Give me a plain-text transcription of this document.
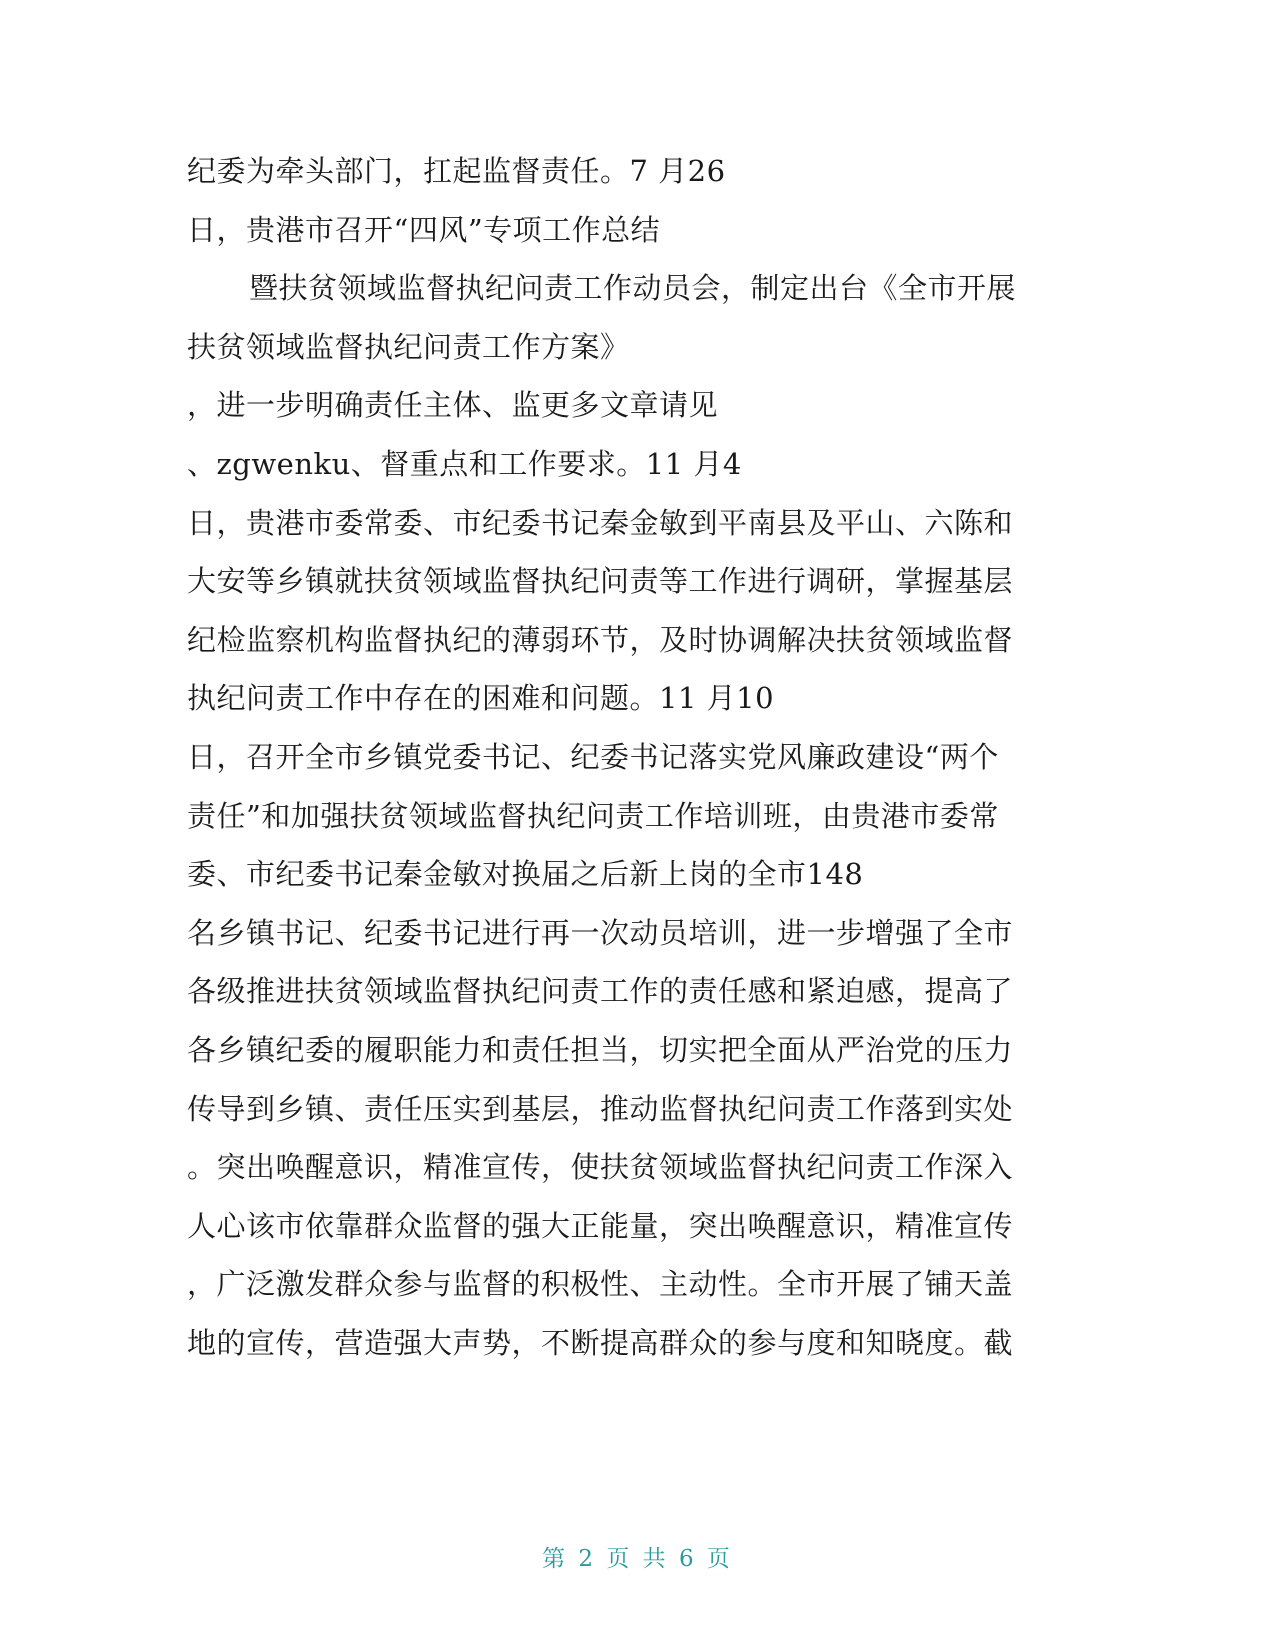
纪委为牵头部门，扛起监督责任。7 月26
日，贵港市召开“四风”专项工作总结
暨扶贫领域监督执纪问责工作动员会，制定出台《全市开展
扶贫领域监督执纪问责工作方案》
，进一步明确责任主体、监更多文章请见
、zgwenku、督重点和工作要求。11 月4
日，贵港市委常委、市纪委书记秦金敏到平南县及平山、六陈和
大安等乡镇就扶贫领域监督执纪问责等工作进行调研，掌握基层
纪检监察机构监督执纪的薄弱环节，及时协调解决扶贫领域监督
执纪问责工作中存在的困难和问题。11 月10
日，召开全市乡镇党委书记、纪委书记落实党风廉政建设“两个
责任”和加强扶贫领域监督执纪问责工作培训班，由贵港市委常
委、市纪委书记秦金敏对换届之后新上岗的全市148
名乡镇书记、纪委书记进行再一次动员培训，进一步增强了全市
各级推进扶贫领域监督执纪问责工作的责任感和紧迫感，提高了
各乡镇纪委的履职能力和责任担当，切实把全面从严治党的压力
传导到乡镇、责任压实到基层，推动监督执纪问责工作落到实处
。突出唤醒意识，精准宣传，使扶贫领域监督执纪问责工作深入
人心该市依靠群众监督的强大正能量，突出唤醒意识，精准宣传
，广泛激发群众参与监督的积极性、主动性。全市开展了铺天盖
地的宣传，营造强大声势，不断提高群众的参与度和知晓度。截
第 2 页 共 6 页
